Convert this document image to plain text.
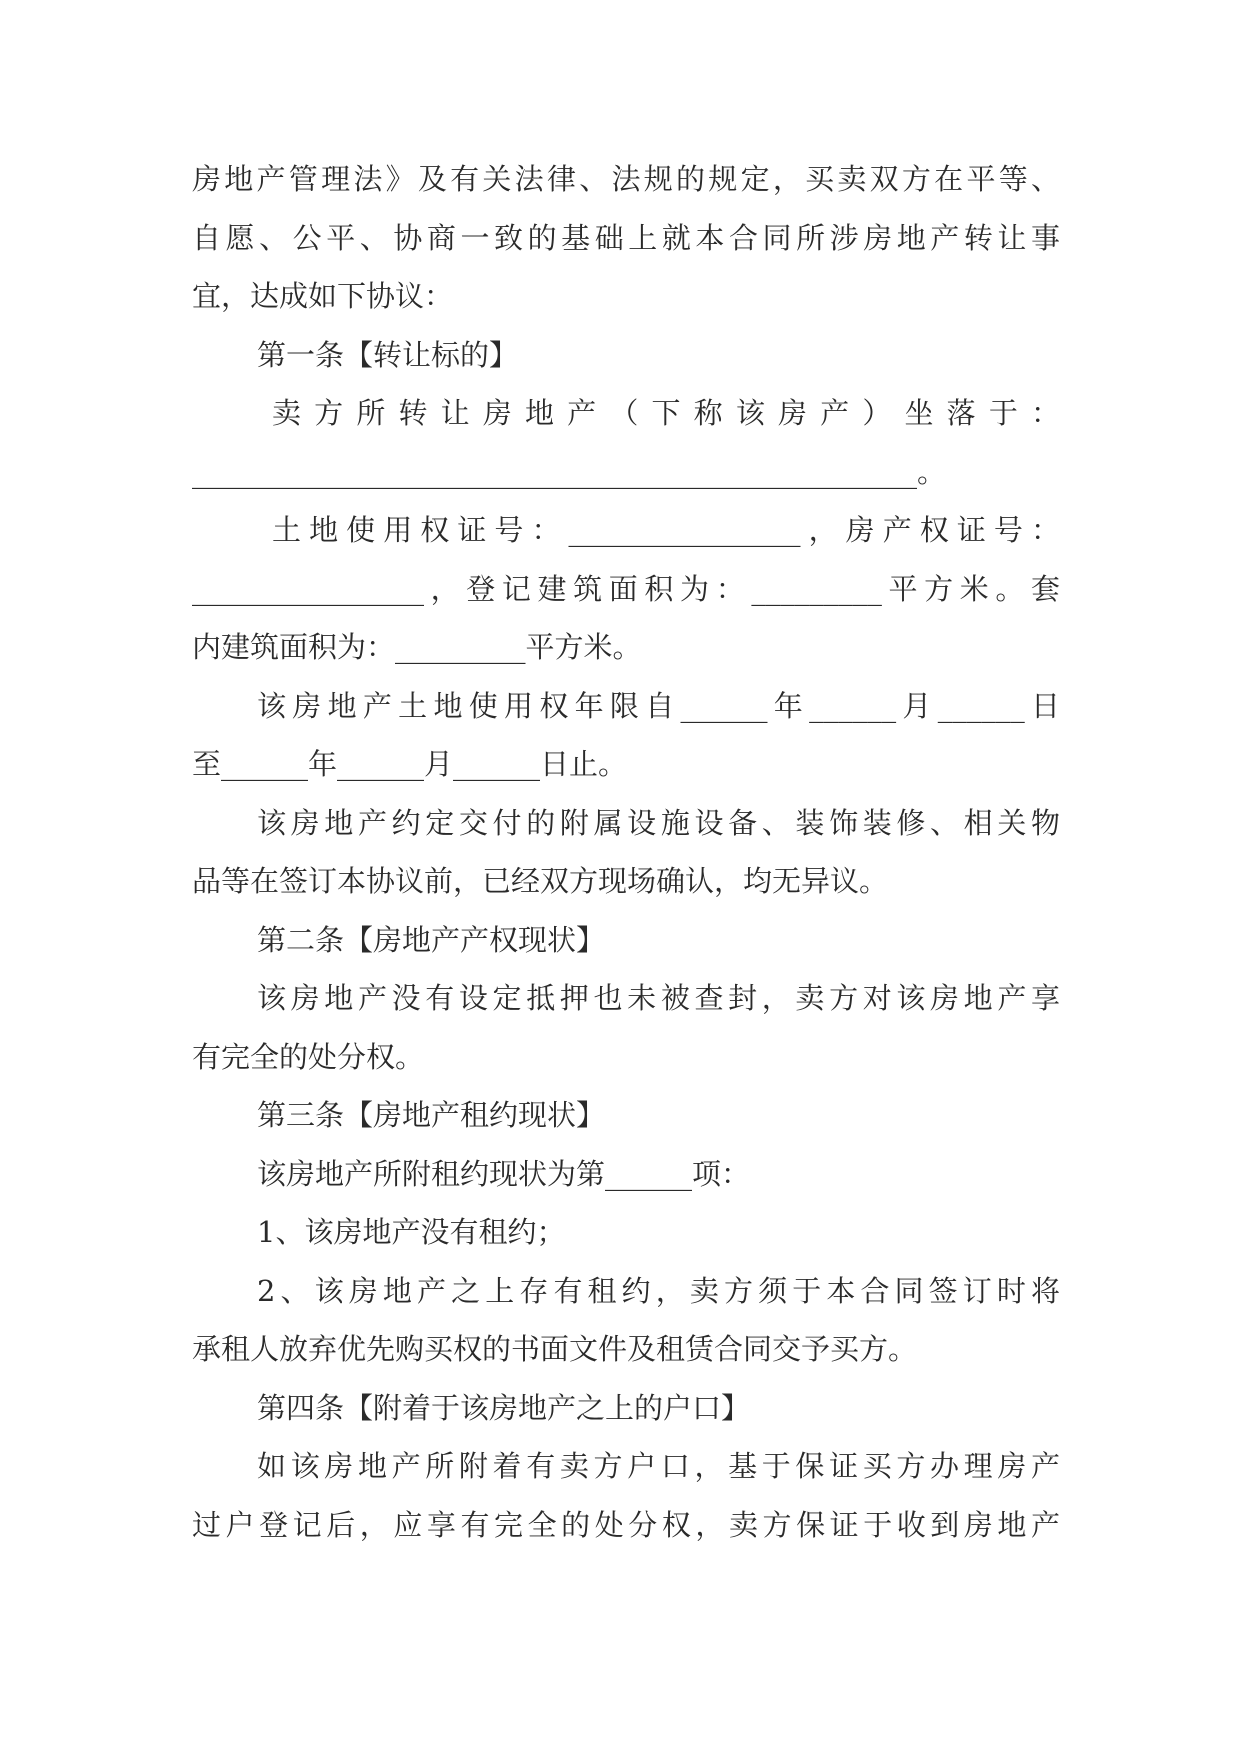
房地产管理法》及有关法律、法规的规定，买卖双方在平等、
自愿、公平、协商一致的基础上就本合同所涉房地产转让事
宜，达成如下协议：
第一条【转让标的】
卖方所转让房地产（下称该房产）坐落于：
__________________________________________________。
土地使用权证号：________________，房产权证号：
________________，登记建筑面积为：_________平方米。套
内建筑面积为：_________平方米。
该房地产土地使用权年限自______年______月______日
至______年______月______日止。
该房地产约定交付的附属设施设备、装饰装修、相关物
品等在签订本协议前，已经双方现场确认，均无异议。
第二条【房地产产权现状】
该房地产没有设定抵押也未被查封，卖方对该房地产享
有完全的处分权。
第三条【房地产租约现状】
该房地产所附租约现状为第______项：
1、该房地产没有租约；
2、该房地产之上存有租约，卖方须于本合同签订时将
承租人放弃优先购买权的书面文件及租赁合同交予买方。
第四条【附着于该房地产之上的户口】
如该房地产所附着有卖方户口，基于保证买方办理房产
过户登记后，应享有完全的处分权，卖方保证于收到房地产
